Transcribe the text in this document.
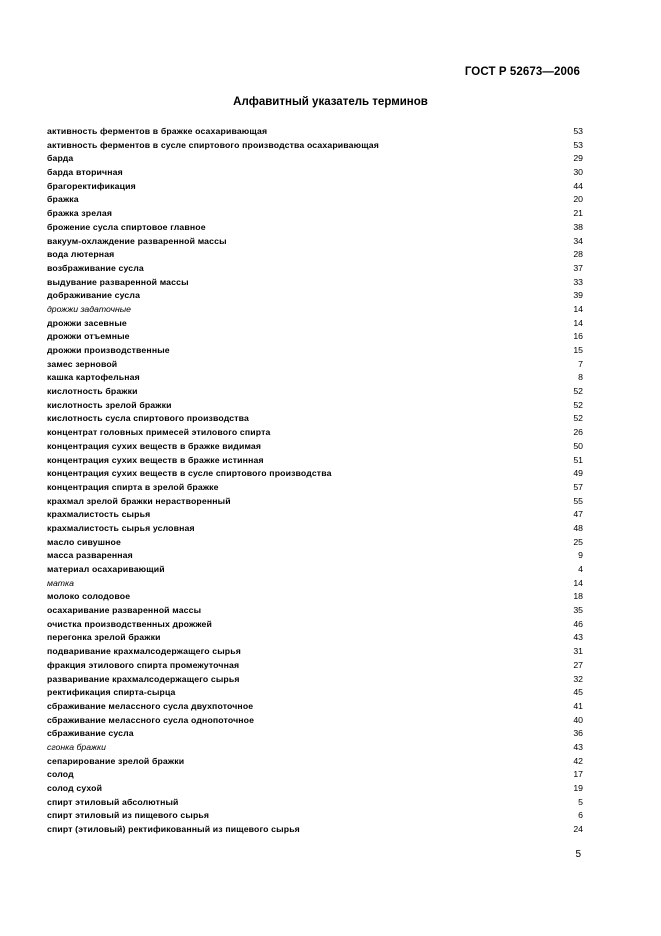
ГОСТ Р 52673—2006
Алфавитный указатель терминов
активность ферментов в бражке осахаривающая	53
активность ферментов в сусле спиртового производства осахаривающая	53
барда	29
барда вторичная	30
брагоректификация	44
бражка	20
бражка зрелая	21
брожение сусла спиртовое главное	38
вакуум-охлаждение разваренной массы	34
вода лютерная	28
возбраживание сусла	37
выдувание разваренной массы	33
дображивание сусла	39
дрожжи задаточные	14
дрожжи засевные	14
дрожжи отъемные	16
дрожжи производственные	15
замес зерновой	7
кашка картофельная	8
кислотность бражки	52
кислотность зрелой бражки	52
кислотность сусла спиртового производства	52
концентрат головных примесей этилового спирта	26
концентрация сухих веществ в бражке видимая	50
концентрация сухих веществ в бражке истинная	51
концентрация сухих веществ в сусле спиртового производства	49
концентрация спирта в зрелой бражке	57
крахмал зрелой бражки нерастворенный	55
крахмалистость сырья	47
крахмалистость сырья условная	48
масло сивушное	25
масса разваренная	9
материал осахаривающий	4
матка	14
молоко солодовое	18
осахаривание разваренной массы	35
очистка производственных дрожжей	46
перегонка зрелой бражки	43
подваривание крахмалсодержащего сырья	31
фракция этилового спирта промежуточная	27
разваривание крахмалсодержащего сырья	32
ректификация спирта-сырца	45
сбраживание мелассного сусла двухпоточное	41
сбраживание мелассного сусла однопоточное	40
сбраживание сусла	36
сгонка бражки	43
сепарирование зрелой бражки	42
солод	17
солод сухой	19
спирт этиловый абсолютный	5
спирт этиловый из пищевого сырья	6
спирт (этиловый) ректификованный из пищевого сырья	24
5
